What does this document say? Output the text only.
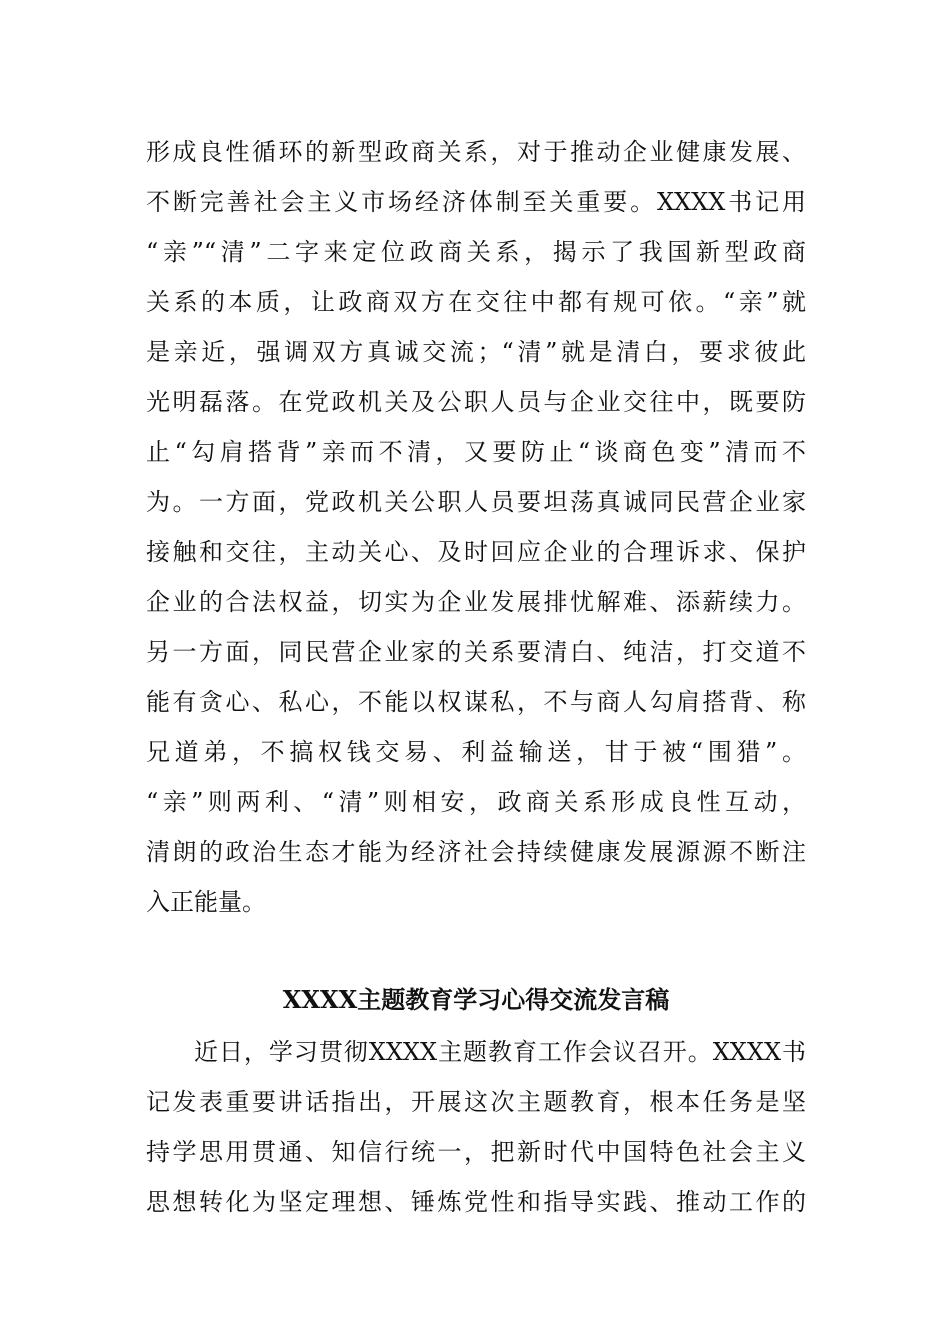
形成良性循环的新型政商关系，对于推动企业健康发展、
不断完善社会主义市场经济体制至关重要。XXXX书记用
“亲”“清”二字来定位政商关系，揭示了我国新型政商
关系的本质，让政商双方在交往中都有规可依。“亲”就
是亲近，强调双方真诚交流；“清”就是清白，要求彼此
光明磊落。在党政机关及公职人员与企业交往中，既要防
止“勾肩搭背”亲而不清，又要防止“谈商色变”清而不
为。一方面，党政机关公职人员要坦荡真诚同民营企业家
接触和交往，主动关心、及时回应企业的合理诉求、保护
企业的合法权益，切实为企业发展排忧解难、添薪续力。
另一方面，同民营企业家的关系要清白、纯洁，打交道不
能有贪心、私心，不能以权谋私，不与商人勾肩搭背、称
兄道弟，不搞权钱交易、利益输送，甘于被“围猎”。
“亲”则两利、“清”则相安，政商关系形成良性互动，
清朗的政治生态才能为经济社会持续健康发展源源不断注
入正能量。
XXXX主题教育学习心得交流发言稿
近日，学习贯彻XXXX主题教育工作会议召开。XXXX书
记发表重要讲话指出，开展这次主题教育，根本任务是坚
持学思用贯通、知信行统一，把新时代中国特色社会主义
思想转化为坚定理想、锤炼党性和指导实践、推动工作的
